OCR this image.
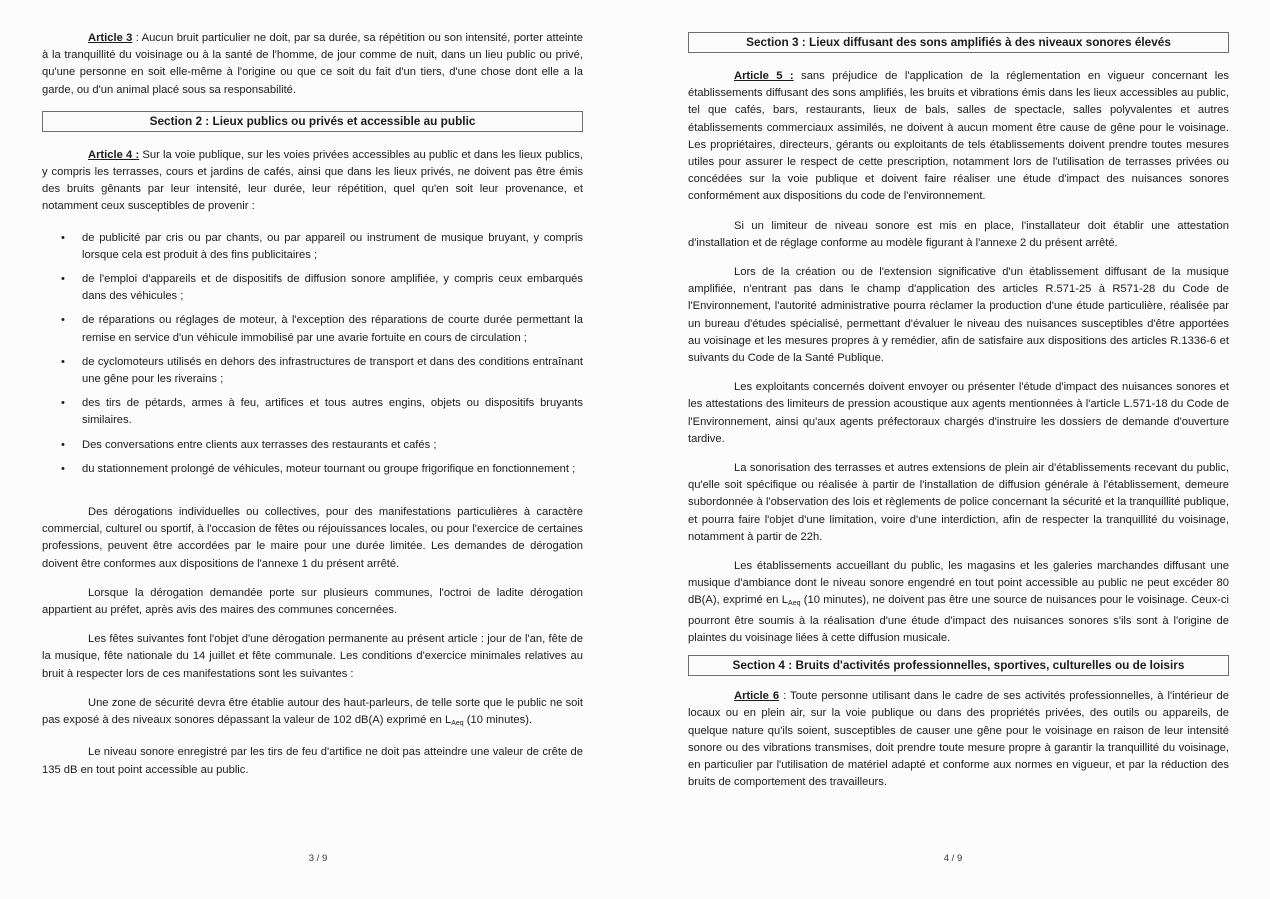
Article 3 : Aucun bruit particulier ne doit, par sa durée, sa répétition ou son intensité, porter atteinte à la tranquillité du voisinage ou à la santé de l'homme, de jour comme de nuit, dans un lieu public ou privé, qu'une personne en soit elle-même à l'origine ou que ce soit du fait d'un tiers, d'une chose dont elle a la garde, ou d'un animal placé sous sa responsabilité.

Section 2 : Lieux publics ou privés et accessible au public

Article 4 : Sur la voie publique, sur les voies privées accessibles au public et dans les lieux publics, y compris les terrasses, cours et jardins de cafés, ainsi que dans les lieux privés, ne doivent pas être émis des bruits gênants par leur intensité, leur durée, leur répétition, quel qu'en soit leur provenance, et notamment ceux susceptibles de provenir :

• de publicité par cris ou par chants, ou par appareil ou instrument de musique bruyant, y compris lorsque cela est produit à des fins publicitaires ;
• de l'emploi d'appareils et de dispositifs de diffusion sonore amplifiée, y compris ceux embarqués dans des véhicules ;
• de réparations ou réglages de moteur, à l'exception des réparations de courte durée permettant la remise en service d'un véhicule immobilisé par une avarie fortuite en cours de circulation ;
• de cyclomoteurs utilisés en dehors des infrastructures de transport et dans des conditions entraînant une gêne pour les riverains ;
• des tirs de pétards, armes à feu, artifices et tous autres engins, objets ou dispositifs bruyants similaires.
• Des conversations entre clients aux terrasses des restaurants et cafés ;
• du stationnement prolongé de véhicules, moteur tournant ou groupe frigorifique en fonctionnement ;

Des dérogations individuelles ou collectives, pour des manifestations particulières à caractère commercial, culturel ou sportif, à l'occasion de fêtes ou réjouissances locales, ou pour l'exercice de certaines professions, peuvent être accordées par le maire pour une durée limitée. Les demandes de dérogation doivent être conformes aux dispositions de l'annexe 1 du présent arrêté.

Lorsque la dérogation demandée porte sur plusieurs communes, l'octroi de ladite dérogation appartient au préfet, après avis des maires des communes concernées.

Les fêtes suivantes font l'objet d'une dérogation permanente au présent article : jour de l'an, fête de la musique, fête nationale du 14 juillet et fête communale. Les conditions d'exercice minimales relatives au bruit à respecter lors de ces manifestations sont les suivantes :

Une zone de sécurité devra être établie autour des haut-parleurs, de telle sorte que le public ne soit pas exposé à des niveaux sonores dépassant la valeur de 102 dB(A) exprimé en $L_{Aeq}$ (10 minutes).

Le niveau sonore enregistré par les tirs de feu d'artifice ne doit pas atteindre une valeur de crête de 135 dB en tout point accessible au public.

3 / 9
Section 3 : Lieux diffusant des sons amplifiés à des niveaux sonores élevés

Article 5 : sans préjudice de l'application de la réglementation en vigueur concernant les établissements diffusant des sons amplifiés, les bruits et vibrations émis dans les lieux accessibles au public, tel que cafés, bars, restaurants, lieux de bals, salles de spectacle, salles polyvalentes et autres établissements commerciaux assimilés, ne doivent à aucun moment être cause de gêne pour le voisinage. Les propriétaires, directeurs, gérants ou exploitants de tels établissements doivent prendre toutes mesures utiles pour assurer le respect de cette prescription, notamment lors de l'utilisation de terrasses privées ou concédées sur la voie publique et doivent faire réaliser une étude d'impact des nuisances sonores conformément aux dispositions du code de l'environnement.

Si un limiteur de niveau sonore est mis en place, l'installateur doit établir une attestation d'installation et de réglage conforme au modèle figurant à l'annexe 2 du présent arrêté.

Lors de la création ou de l'extension significative d'un établissement diffusant de la musique amplifiée, n'entrant pas dans le champ d'application des articles R.571-25 à R571-28 du Code de l'Environnement, l'autorité administrative pourra réclamer la production d'une étude particulière, réalisée par un bureau d'études spécialisé, permettant d'évaluer le niveau des nuisances susceptibles d'être apportées au voisinage et les mesures propres à y remédier, afin de satisfaire aux dispositions des articles R.1336-6 et suivants du Code de la Santé Publique.

Les exploitants concernés doivent envoyer ou présenter l'étude d'impact des nuisances sonores et les attestations des limiteurs de pression acoustique aux agents mentionnées à l'article L.571-18 du Code de l'Environnement, ainsi qu'aux agents préfectoraux chargés d'instruire les dossiers de demande d'ouverture tardive.

La sonorisation des terrasses et autres extensions de plein air d'établissements recevant du public, qu'elle soit spécifique ou réalisée à partir de l'installation de diffusion générale à l'établissement, demeure subordonnée à l'observation des lois et règlements de police concernant la sécurité et la tranquillité publique, et pourra faire l'objet d'une limitation, voire d'une interdiction, afin de respecter la tranquillité du voisinage, notamment à partir de 22h.

Les établissements accueillant du public, les magasins et les galeries marchandes diffusant une musique d'ambiance dont le niveau sonore engendré en tout point accessible au public ne peut excéder 80 dB(A), exprimé en $L_{Aeq}$ (10 minutes), ne doivent pas être une source de nuisances pour le voisinage. Ceux-ci pourront être soumis à la réalisation d'une étude d'impact des nuisances sonores s'ils sont à l'origine de plaintes du voisinage liées à cette diffusion musicale.

Section 4 : Bruits d'activités professionnelles, sportives, culturelles ou de loisirs

Article 6 : Toute personne utilisant dans le cadre de ses activités professionnelles, à l'intérieur de locaux ou en plein air, sur la voie publique ou dans des propriétés privées, des outils ou appareils, de quelque nature qu'ils soient, susceptibles de causer une gêne pour le voisinage en raison de leur intensité sonore ou des vibrations transmises, doit prendre toute mesure propre à garantir la tranquillité du voisinage, en particulier par l'utilisation de matériel adapté et conforme aux normes en vigueur, et par la réduction des bruits de comportement des travailleurs.

4 / 9
